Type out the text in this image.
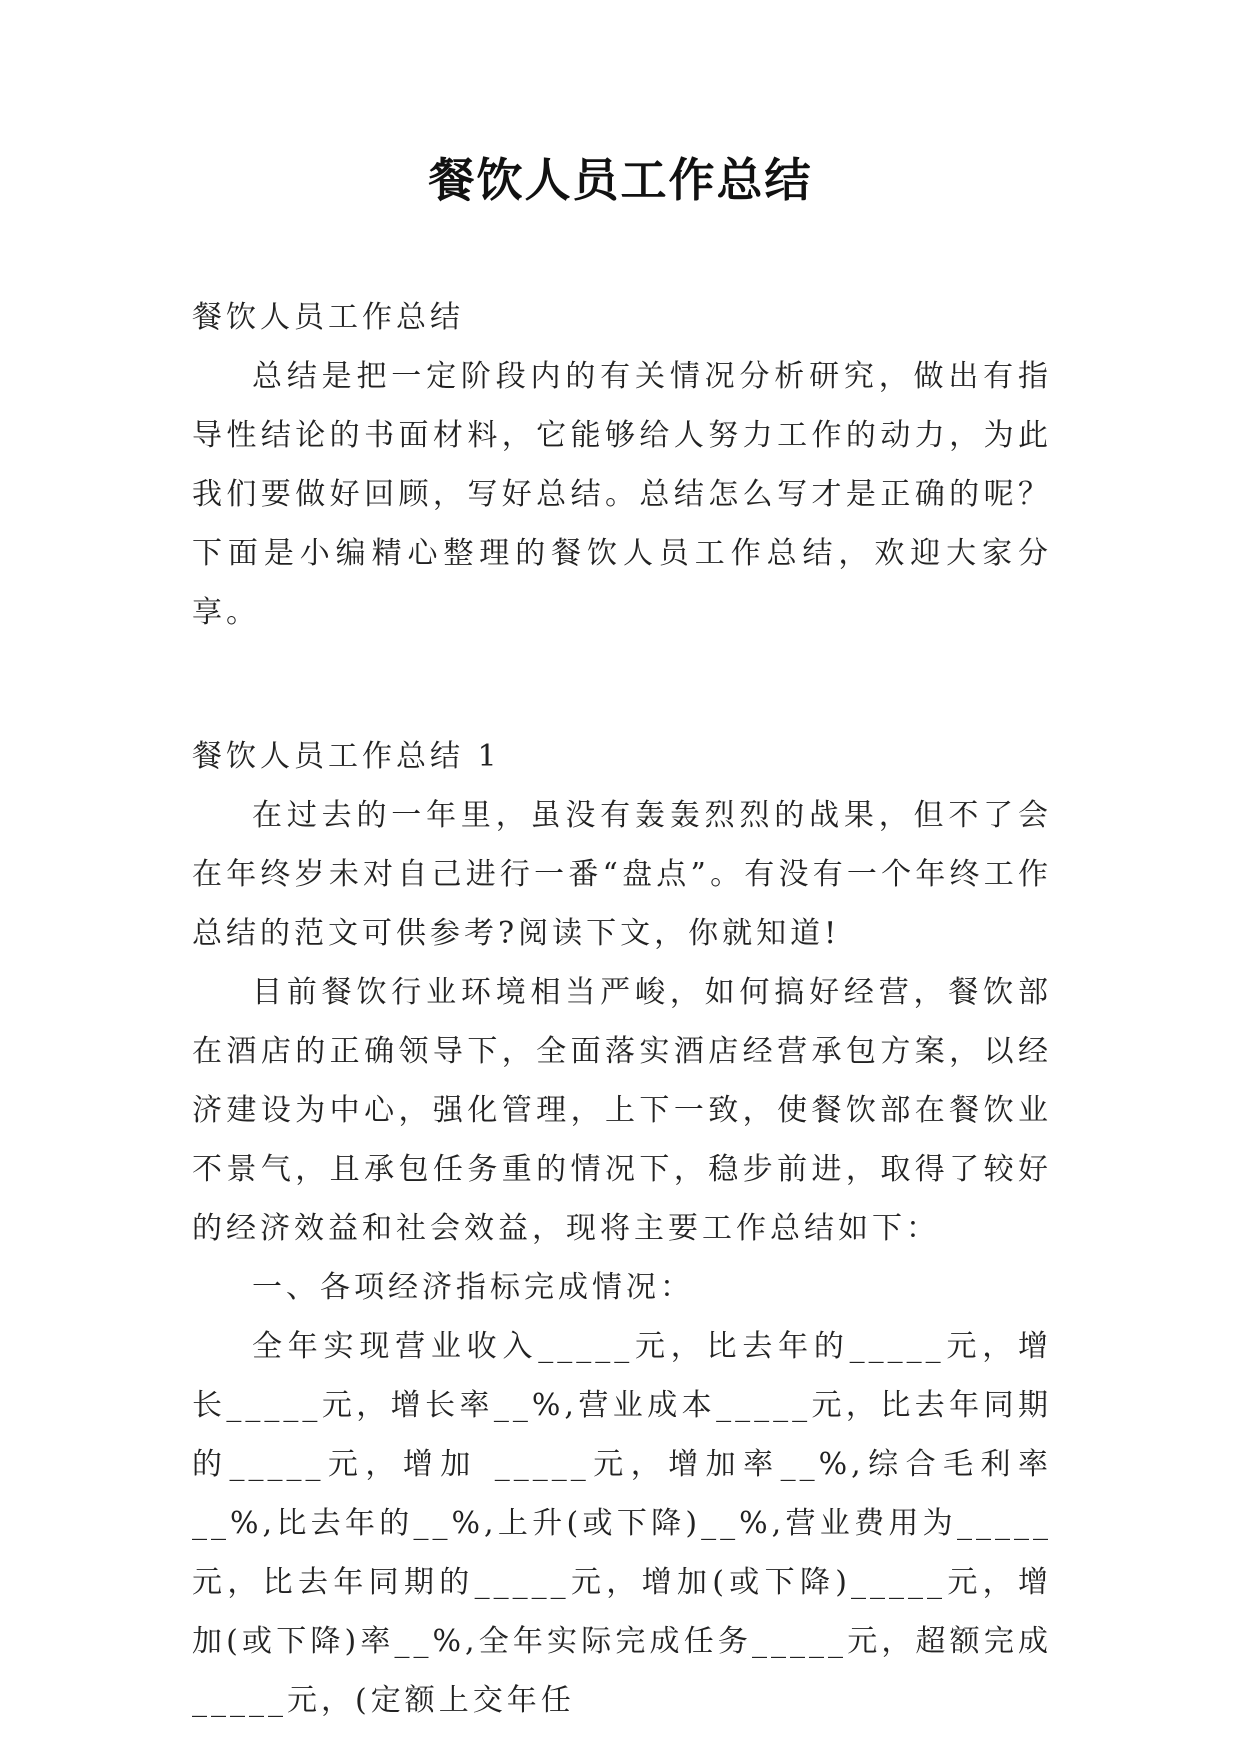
餐饮人员工作总结

餐饮人员工作总结

总结是把一定阶段内的有关情况分析研究，做出有指导性结论的书面材料，它能够给人努力工作的动力，为此我们要做好回顾，写好总结。总结怎么写才是正确的呢？下面是小编精心整理的餐饮人员工作总结，欢迎大家分享。

餐饮人员工作总结 1

在过去的一年里，虽没有轰轰烈烈的战果，但不了会在年终岁未对自己进行一番“盘点”。有没有一个年终工作总结的范文可供参考?阅读下文，你就知道!

目前餐饮行业环境相当严峻，如何搞好经营，餐饮部在酒店的正确领导下，全面落实酒店经营承包方案，以经济建设为中心，强化管理，上下一致，使餐饮部在餐饮业不景气，且承包任务重的情况下，稳步前进，取得了较好的经济效益和社会效益，现将主要工作总结如下：

一、各项经济指标完成情况：

全年实现营业收入_____元，比去年的_____元，增长_____元，增长率__%,营业成本_____元，比去年同期的_____元，增加 _____元，增加率__%,综合毛利率__%,比去年的__%,上升(或下降)__%,营业费用为_____元，比去年同期的_____元，增加(或下降)_____元，增加(或下降)率__%,全年实际完成任务_____元，超额完成_____元，(定额上交年任
